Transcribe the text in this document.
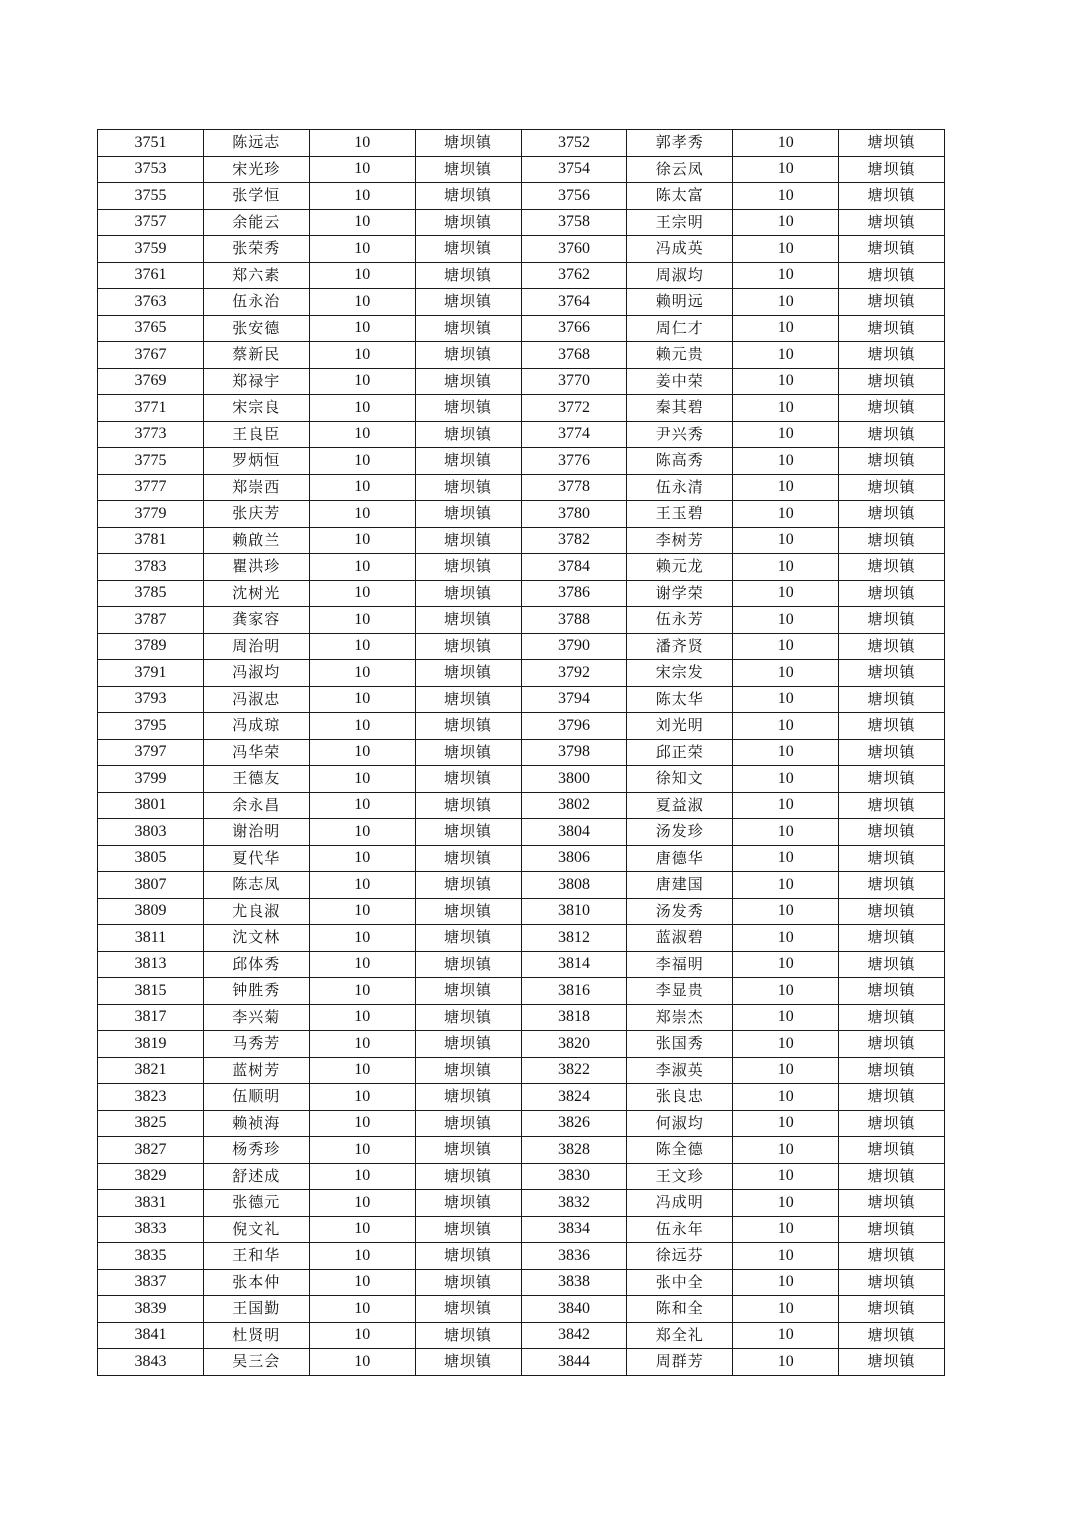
3751	陈远志	10	塘坝镇	3752	郭孝秀	10	塘坝镇
3753	宋光珍	10	塘坝镇	3754	徐云凤	10	塘坝镇
3755	张学恒	10	塘坝镇	3756	陈太富	10	塘坝镇
3757	余能云	10	塘坝镇	3758	王宗明	10	塘坝镇
3759	张荣秀	10	塘坝镇	3760	冯成英	10	塘坝镇
3761	郑六素	10	塘坝镇	3762	周淑均	10	塘坝镇
3763	伍永治	10	塘坝镇	3764	赖明远	10	塘坝镇
3765	张安德	10	塘坝镇	3766	周仁才	10	塘坝镇
3767	蔡新民	10	塘坝镇	3768	赖元贵	10	塘坝镇
3769	郑禄宇	10	塘坝镇	3770	姜中荣	10	塘坝镇
3771	宋宗良	10	塘坝镇	3772	秦其碧	10	塘坝镇
3773	王良臣	10	塘坝镇	3774	尹兴秀	10	塘坝镇
3775	罗炳恒	10	塘坝镇	3776	陈高秀	10	塘坝镇
3777	郑崇西	10	塘坝镇	3778	伍永清	10	塘坝镇
3779	张庆芳	10	塘坝镇	3780	王玉碧	10	塘坝镇
3781	赖啟兰	10	塘坝镇	3782	李树芳	10	塘坝镇
3783	瞿洪珍	10	塘坝镇	3784	赖元龙	10	塘坝镇
3785	沈树光	10	塘坝镇	3786	谢学荣	10	塘坝镇
3787	龚家容	10	塘坝镇	3788	伍永芳	10	塘坝镇
3789	周治明	10	塘坝镇	3790	潘齐贤	10	塘坝镇
3791	冯淑均	10	塘坝镇	3792	宋宗发	10	塘坝镇
3793	冯淑忠	10	塘坝镇	3794	陈太华	10	塘坝镇
3795	冯成琼	10	塘坝镇	3796	刘光明	10	塘坝镇
3797	冯华荣	10	塘坝镇	3798	邱正荣	10	塘坝镇
3799	王德友	10	塘坝镇	3800	徐知文	10	塘坝镇
3801	余永昌	10	塘坝镇	3802	夏益淑	10	塘坝镇
3803	谢治明	10	塘坝镇	3804	汤发珍	10	塘坝镇
3805	夏代华	10	塘坝镇	3806	唐德华	10	塘坝镇
3807	陈志凤	10	塘坝镇	3808	唐建国	10	塘坝镇
3809	尤良淑	10	塘坝镇	3810	汤发秀	10	塘坝镇
3811	沈文林	10	塘坝镇	3812	蓝淑碧	10	塘坝镇
3813	邱体秀	10	塘坝镇	3814	李福明	10	塘坝镇
3815	钟胜秀	10	塘坝镇	3816	李显贵	10	塘坝镇
3817	李兴菊	10	塘坝镇	3818	郑崇杰	10	塘坝镇
3819	马秀芳	10	塘坝镇	3820	张国秀	10	塘坝镇
3821	蓝树芳	10	塘坝镇	3822	李淑英	10	塘坝镇
3823	伍顺明	10	塘坝镇	3824	张良忠	10	塘坝镇
3825	赖祯海	10	塘坝镇	3826	何淑均	10	塘坝镇
3827	杨秀珍	10	塘坝镇	3828	陈全德	10	塘坝镇
3829	舒述成	10	塘坝镇	3830	王文珍	10	塘坝镇
3831	张德元	10	塘坝镇	3832	冯成明	10	塘坝镇
3833	倪文礼	10	塘坝镇	3834	伍永年	10	塘坝镇
3835	王和华	10	塘坝镇	3836	徐远芬	10	塘坝镇
3837	张本仲	10	塘坝镇	3838	张中全	10	塘坝镇
3839	王国勤	10	塘坝镇	3840	陈和全	10	塘坝镇
3841	杜贤明	10	塘坝镇	3842	郑全礼	10	塘坝镇
3843	吴三会	10	塘坝镇	3844	周群芳	10	塘坝镇
